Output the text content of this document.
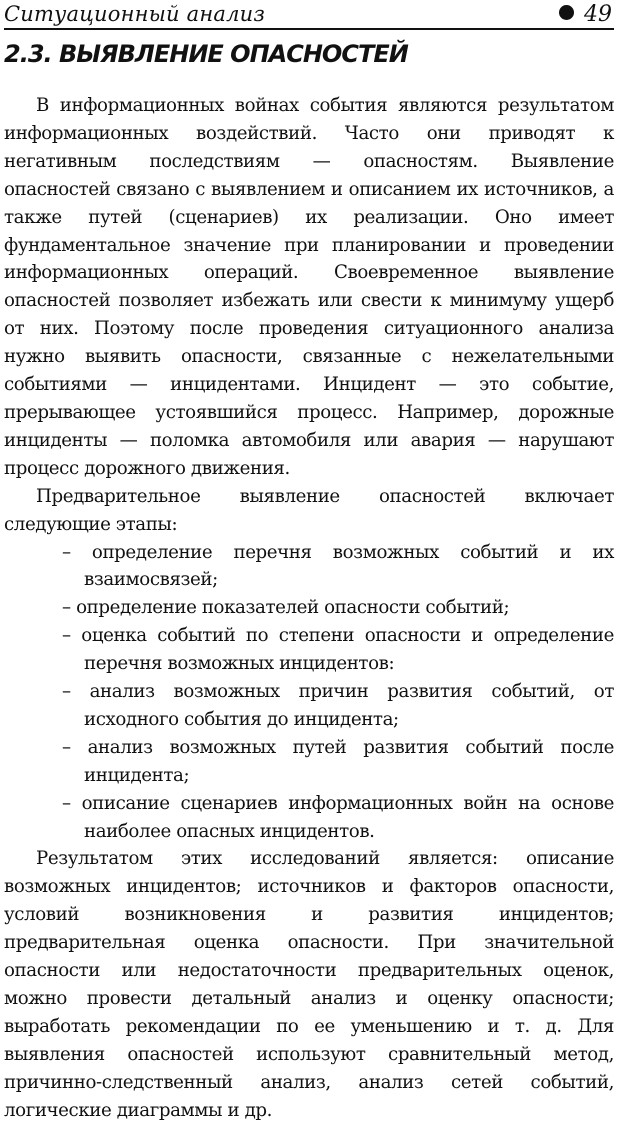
Ситуационный анализ	49
2.3. ВЫЯВЛЕНИЕ ОПАСНОСТЕЙ

В информационных войнах события являются результатом информационных воздействий. Часто они приводят к негативным последствиям — опасностям. Выявление опасностей связано с выявлением и описанием их источников, а также путей (сценариев) их реализации. Оно имеет фундаментальное значение при планировании и проведении информационных операций. Своевременное выявление опасностей позволяет избежать или свести к минимуму ущерб от них. Поэтому после проведения ситуационного анализа нужно выявить опасности, связанные с нежелательными событиями — инцидентами. Инцидент — это событие, прерывающее устоявшийся процесс. Например, дорожные инциденты — поломка автомобиля или авария — нарушают процесс дорожного движения.

Предварительное выявление опасностей включает следующие этапы:

– определение перечня возможных событий и их взаимосвязей;
– определение показателей опасности событий;
– оценка событий по степени опасности и определение перечня возможных инцидентов:
– анализ возможных причин развития событий, от исходного события до инцидента;
– анализ возможных путей развития событий после инцидента;
– описание сценариев информационных войн на основе наиболее опасных инцидентов.

Результатом этих исследований является: описание возможных инцидентов; источников и факторов опасности, условий возникновения и развития инцидентов; предварительная оценка опасности. При значительной опасности или недостаточности предварительных оценок, можно провести детальный анализ и оценку опасности; выработать рекомендации по ее уменьшению и т. д. Для выявления опасностей используют сравнительный метод, причинно-следственный анализ, анализ сетей событий, логические диаграммы и др.
